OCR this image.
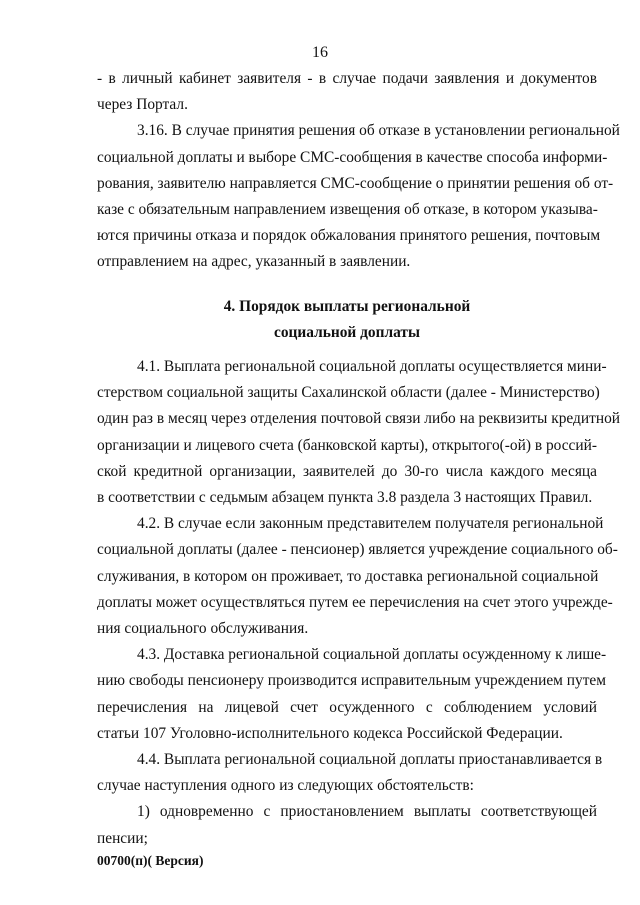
16

- в личный кабинет заявителя - в случае подачи заявления и документов
через Портал.

3.16. В случае принятия решения об отказе в установлении региональной
социальной доплаты и выборе СМС-сообщения в качестве способа информи-
рования, заявителю направляется СМС-сообщение о принятии решения об от-
казе с обязательным направлением извещения об отказе, в котором указыва-
ются причины отказа и порядок обжалования принятого решения, почтовым
отправлением на адрес, указанный в заявлении.

4. Порядок выплаты региональной
социальной доплаты

4.1. Выплата региональной социальной доплаты осуществляется мини-
стерством социальной защиты Сахалинской области (далее - Министерство)
один раз в месяц через отделения почтовой связи либо на реквизиты кредитной
организации и лицевого счета (банковской карты), открытого(-ой) в россий-
ской кредитной организации, заявителей до 30-го числа каждого месяца
в соответствии с седьмым абзацем пункта 3.8 раздела 3 настоящих Правил.

4.2. В случае если законным представителем получателя региональной
социальной доплаты (далее - пенсионер) является учреждение социального об-
служивания, в котором он проживает, то доставка региональной социальной
доплаты может осуществляться путем ее перечисления на счет этого учрежде-
ния социального обслуживания.

4.3. Доставка региональной социальной доплаты осужденному к лише-
нию свободы пенсионеру производится исправительным учреждением путем
перечисления на лицевой счет осужденного с соблюдением условий
статьи 107 Уголовно-исполнительного кодекса Российской Федерации.

4.4. Выплата региональной социальной доплаты приостанавливается в
случае наступления одного из следующих обстоятельств:

1) одновременно с приостановлением выплаты соответствующей
пенсии;

00700(п)( Версия)
